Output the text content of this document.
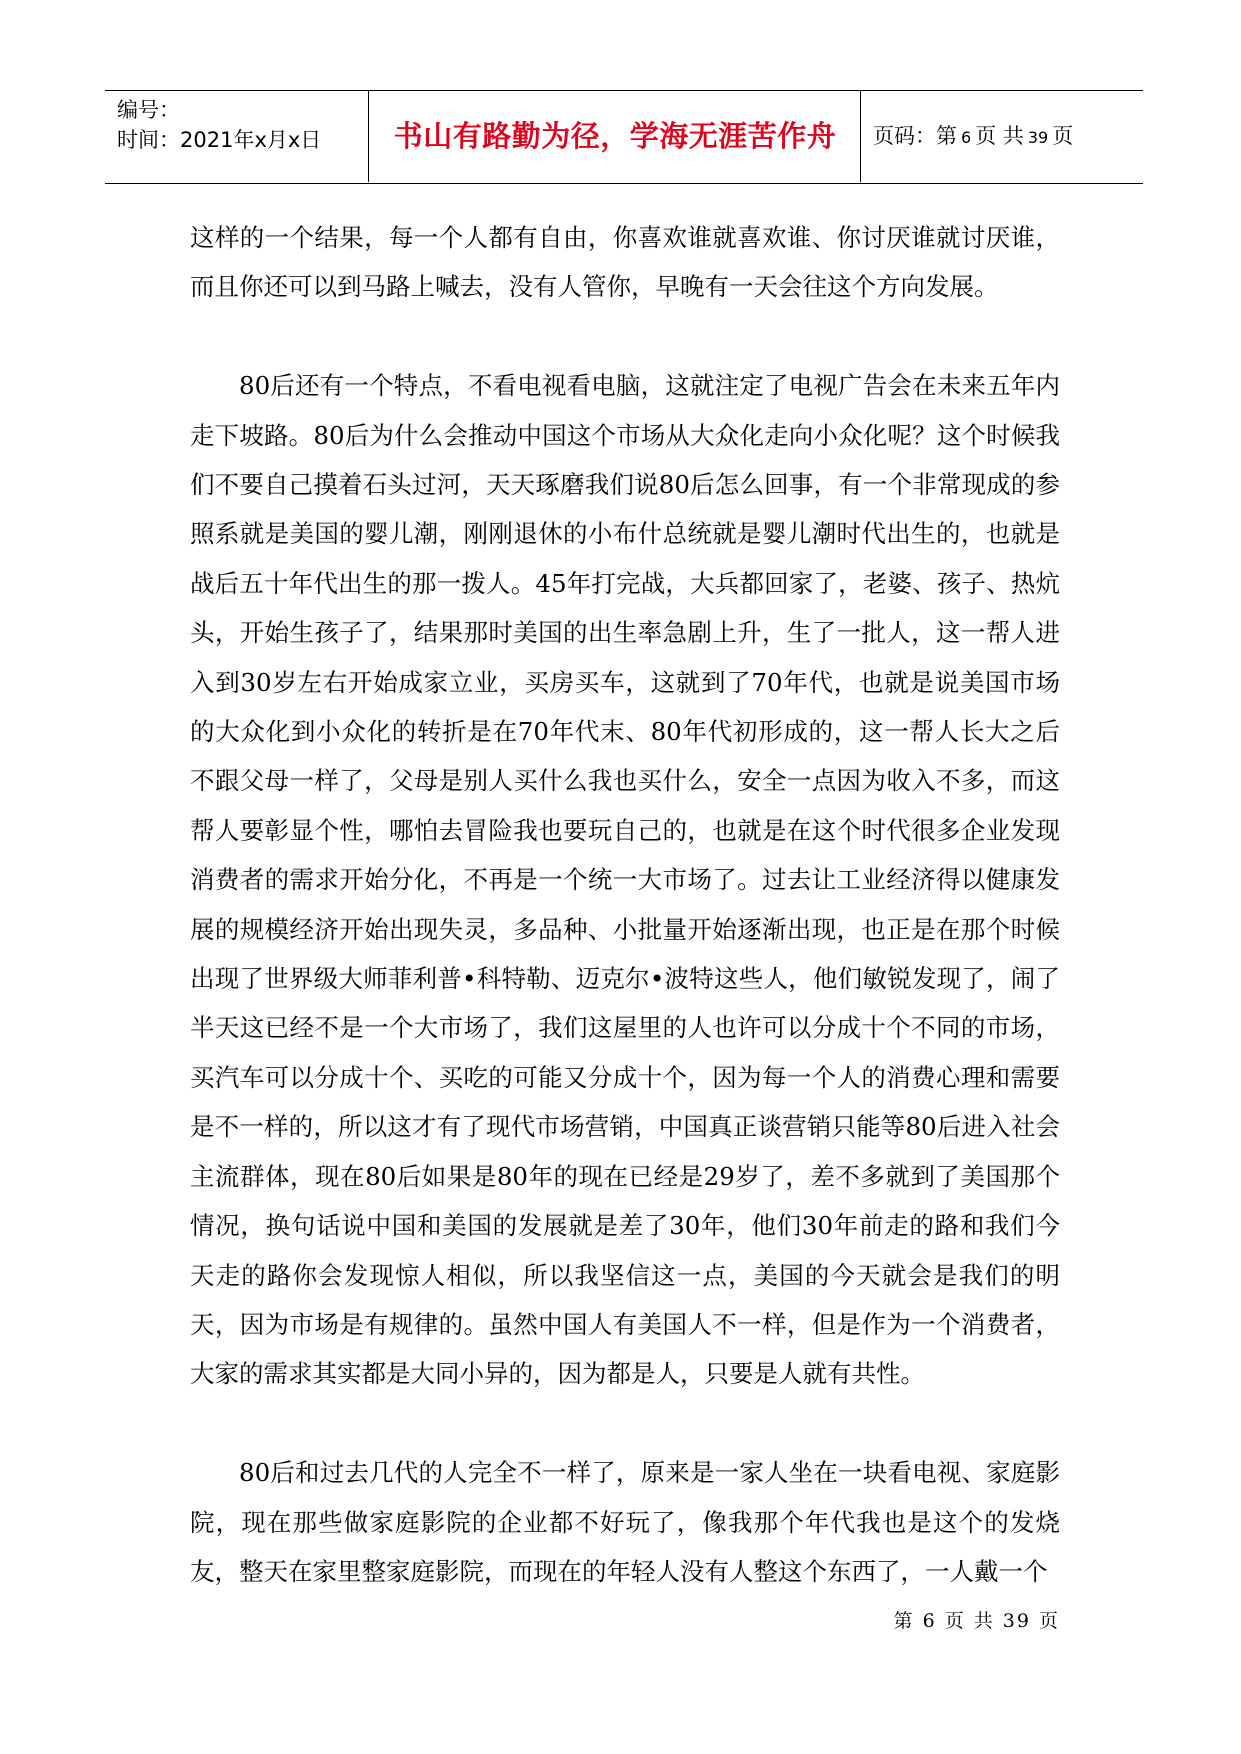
编号：
时间：2021年x月x日	书山有路勤为径，学海无涯苦作舟	页码：第 6 页 共 39 页

这样的一个结果，每一个人都有自由，你喜欢谁就喜欢谁、你讨厌谁就讨厌谁，而且你还可以到马路上喊去，没有人管你，早晚有一天会往这个方向发展。

80后还有一个特点，不看电视看电脑，这就注定了电视广告会在未来五年内走下坡路。80后为什么会推动中国这个市场从大众化走向小众化呢？这个时候我们不要自己摸着石头过河，天天琢磨我们说80后怎么回事，有一个非常现成的参照系就是美国的婴儿潮，刚刚退休的小布什总统就是婴儿潮时代出生的，也就是战后五十年代出生的那一拨人。45年打完战，大兵都回家了，老婆、孩子、热炕头，开始生孩子了，结果那时美国的出生率急剧上升，生了一批人，这一帮人进入到30岁左右开始成家立业，买房买车，这就到了70年代，也就是说美国市场的大众化到小众化的转折是在70年代末、80年代初形成的，这一帮人长大之后不跟父母一样了，父母是别人买什么我也买什么，安全一点因为收入不多，而这帮人要彰显个性，哪怕去冒险我也要玩自己的，也就是在这个时代很多企业发现消费者的需求开始分化，不再是一个统一大市场了。过去让工业经济得以健康发展的规模经济开始出现失灵，多品种、小批量开始逐渐出现，也正是在那个时候出现了世界级大师菲利普•科特勒、迈克尔•波特这些人，他们敏锐发现了，闹了半天这已经不是一个大市场了，我们这屋里的人也许可以分成十个不同的市场，买汽车可以分成十个、买吃的可能又分成十个，因为每一个人的消费心理和需要是不一样的，所以这才有了现代市场营销，中国真正谈营销只能等80后进入社会主流群体，现在80后如果是80年的现在已经是29岁了，差不多就到了美国那个情况，换句话说中国和美国的发展就是差了30年，他们30年前走的路和我们今天走的路你会发现惊人相似，所以我坚信这一点，美国的今天就会是我们的明天，因为市场是有规律的。虽然中国人有美国人不一样，但是作为一个消费者，大家的需求其实都是大同小异的，因为都是人，只要是人就有共性。

80后和过去几代的人完全不一样了，原来是一家人坐在一块看电视、家庭影院，现在那些做家庭影院的企业都不好玩了，像我那个年代我也是这个的发烧友，整天在家里整家庭影院，而现在的年轻人没有人整这个东西了，一人戴一个

第 6 页 共 39 页
